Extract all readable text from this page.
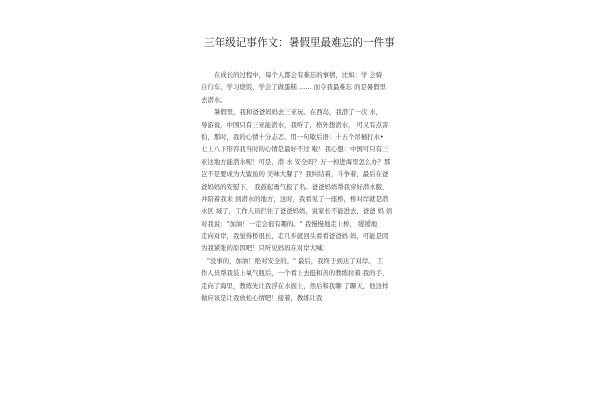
三年级记事作文：暑假里最难忘的一件事
在成长的过程中，每个人都会有难忘的事情，比如：学 会骑
自行车，学习烧饭，学会了做蛋糕 …… 而令我最难忘 的是暑假里
去潜水。
暑假里，我和爸爸妈妈去三亚玩。在西岛，我潜了一次 水，
导游说，中国只有三亚能潜水，我听了，格外想潜水， 可又有点害
怕，那时，我的心情十分忐忑，用一句歇后语：十五个吊桶打水•
七上八下形容我当时的心情是最好不过 啦！我心想：中国可只有三
亚这地方能潜水呢！可是，潜 水 安全吗？万一掉进海里怎么办？那
岂不是要成为大鲨鱼的 美味大餐了？我纠结着，斗争着，最后在爸
爸妈妈的安慰下， 我鼓起勇气报了名。爸爸妈妈帮我穿好潜水服，
并陪着我来 到潜水的地方，这时，我看见了一座桥，桥对岸就是潜
水区 域了，工作人员拦住了爸爸妈妈，说家长不能进去，爸爸 妈 妈
对我说："加油！一定会很有趣的。" 我慢慢地走上桥， 缓缓地
走向对岸，我觉得桥很长，走几步就回头看看爸爸妈 妈，可能是因
为我紧张的原因吧！只听见妈妈在对岸大喊：
"没事的，加油！绝对安全的。" 最后，我终于到达了对岸。 工
作人员帮我装上氧气瓶后，一个看上去挺和善的教练拉着 我的手，
走向了海里，教练先让我浮在水面上，然后和我聊 了聊天，他这样
做应该是让我放松心情吧！接着，教练让我
